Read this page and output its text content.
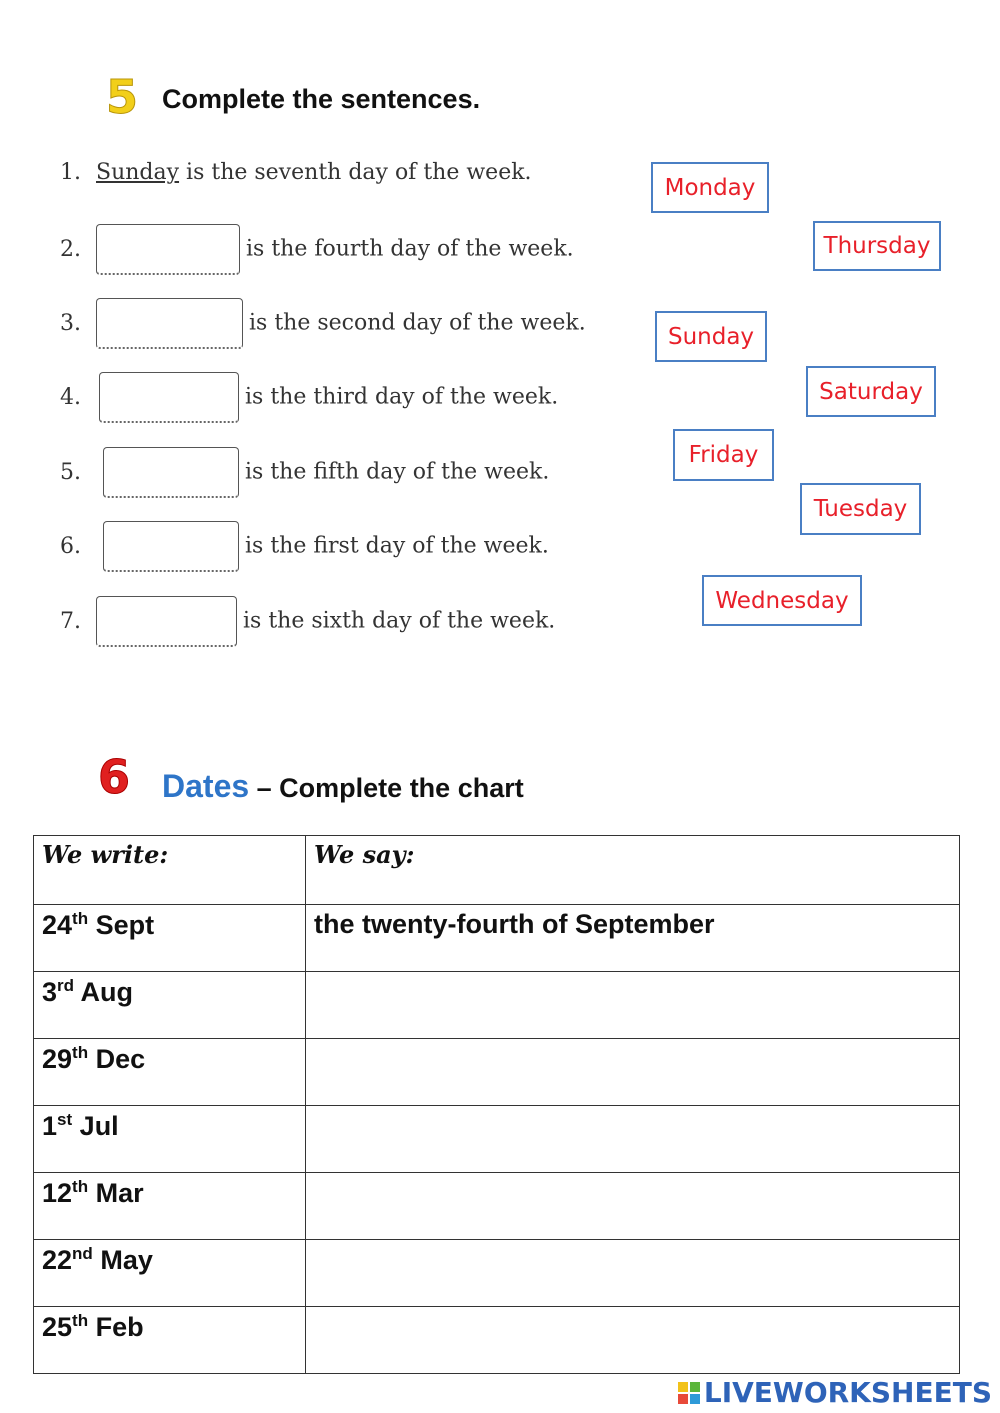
5 Complete the sentences.
1. Sunday is the seventh day of the week.
2.	is the fourth day of the week.
3.	is the second day of the week.
4.	is the third day of the week.
5.	is the fifth day of the week.
6.	is the first day of the week.
7.	is the sixth day of the week.
Monday
Thursday
Sunday
Saturday
Friday
Tuesday
Wednesday
6 Dates – Complete the chart
We write:	We say:
24th Sept	the twenty-fourth of September
3rd Aug	
29th Dec	
1st Jul	
12th Mar	
22nd May	
25th Feb	
LIVEWORKSHEETS
